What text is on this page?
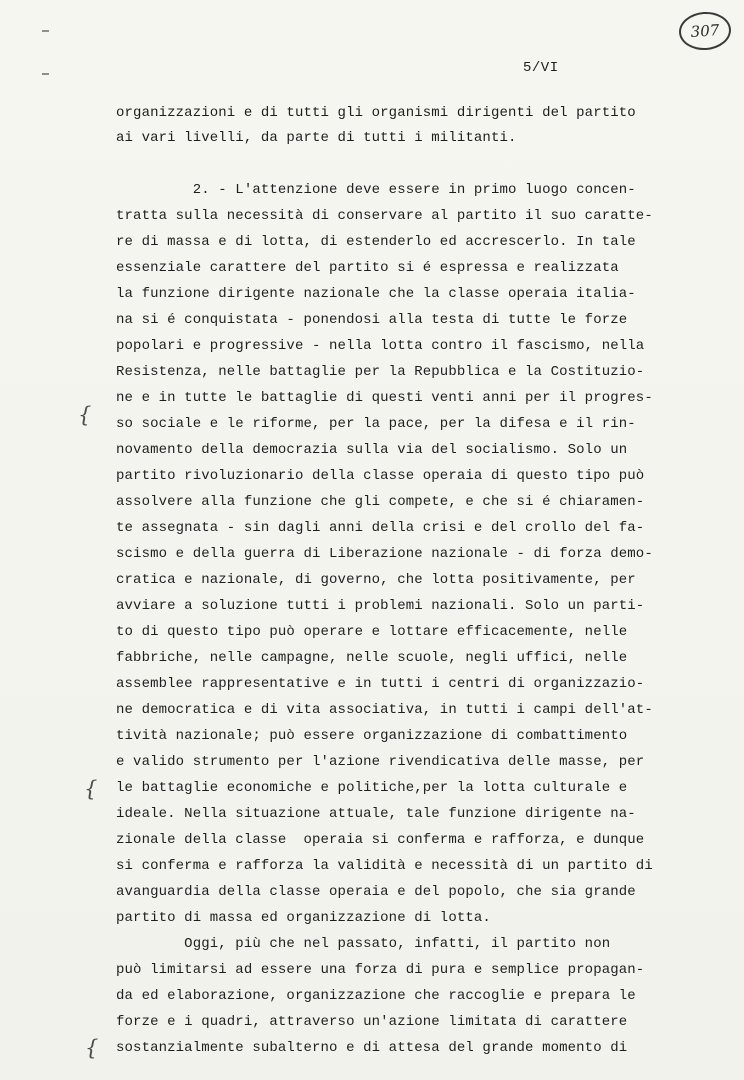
307
5/VI

organizzazioni e di tutti gli organismi dirigenti del partito

ai vari livelli, da parte di tutti i militanti.

2. - L'attenzione deve essere in primo luogo concen-

tratta sulla necessità di conservare al partito il suo caratte-

re di massa e di lotta, di estenderlo ed accrescerlo. In tale

essenziale carattere del partito si é espressa e realizzata

la funzione dirigente nazionale che la classe operaia italia-

na si é conquistata - ponendosi alla testa di tutte le forze

popolari e progressive - nella lotta contro il fascismo, nella

Resistenza, nelle battaglie per la Repubblica e la Costituzio-

ne e in tutte le battaglie di questi venti anni per il progres-

so sociale e le riforme, per la pace, per la difesa e il rin-

novamento della democrazia sulla via del socialismo. Solo un

partito rivoluzionario della classe operaia di questo tipo può

assolvere alla funzione che gli compete, e che si é chiaramen-

te assegnata - sin dagli anni della crisi e del crollo del fa-

scismo e della guerra di Liberazione nazionale - di forza demo-

cratica e nazionale, di governo, che lotta positivamente, per

avviare a soluzione tutti i problemi nazionali. Solo un parti-

to di questo tipo può operare e lottare efficacemente, nelle

fabbriche, nelle campagne, nelle scuole, negli uffici, nelle

assemblee rappresentative e in tutti i centri di organizzazio-

ne democratica e di vita associativa, in tutti i campi dell'at-

tività nazionale; può essere organizzazione di combattimento

e valido strumento per l'azione rivendicativa delle masse, per

le battaglie economiche e politiche,per la lotta culturale e

ideale. Nella situazione attuale, tale funzione dirigente na-

zionale della classe  operaia si conferma e rafforza, e dunque

si conferma e rafforza la validità e necessità di un partito di

avanguardia della classe operaia e del popolo, che sia grande

partito di massa ed organizzazione di lotta.

Oggi, più che nel passato, infatti, il partito non

può limitarsi ad essere una forza di pura e semplice propagan-

da ed elaborazione, organizzazione che raccoglie e prepara le

forze e i quadri, attraverso un'azione limitata di carattere

sostanzialmente subalterno e di attesa del grande momento di

{
{
{
